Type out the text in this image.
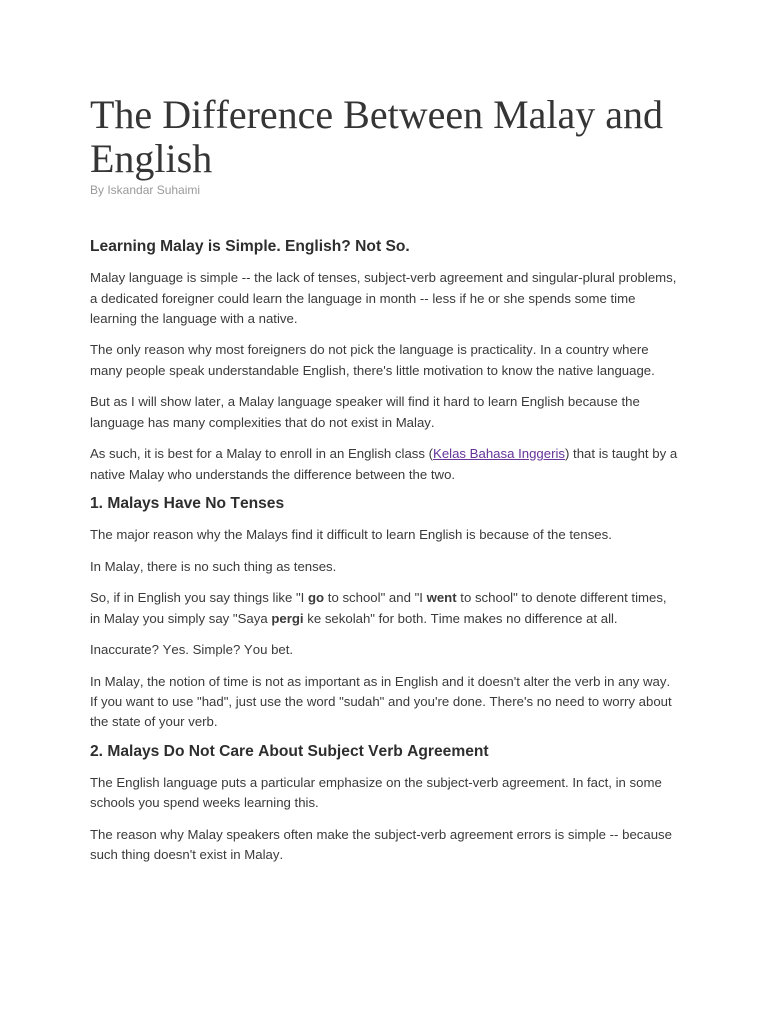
The Difference Between Malay and English
By Iskandar Suhaimi
Learning Malay is Simple. English? Not So.

Malay language is simple -- the lack of tenses, subject-verb agreement and singular-plural problems, a dedicated foreigner could learn the language in month -- less if he or she spends some time learning the language with a native.

The only reason why most foreigners do not pick the language is practicality. In a country where many people speak understandable English, there's little motivation to know the native language.

But as I will show later, a Malay language speaker will find it hard to learn English because the language has many complexities that do not exist in Malay.

As such, it is best for a Malay to enroll in an English class (Kelas Bahasa Inggeris) that is taught by a native Malay who understands the difference between the two.

1. Malays Have No Tenses

The major reason why the Malays find it difficult to learn English is because of the tenses.

In Malay, there is no such thing as tenses.

So, if in English you say things like "I go to school" and "I went to school" to denote different times, in Malay you simply say "Saya pergi ke sekolah" for both. Time makes no difference at all.

Inaccurate? Yes. Simple? You bet.

In Malay, the notion of time is not as important as in English and it doesn't alter the verb in any way. If you want to use "had", just use the word "sudah" and you're done. There's no need to worry about the state of your verb.

2. Malays Do Not Care About Subject Verb Agreement

The English language puts a particular emphasize on the subject-verb agreement. In fact, in some schools you spend weeks learning this.

The reason why Malay speakers often make the subject-verb agreement errors is simple -- because such thing doesn't exist in Malay.
